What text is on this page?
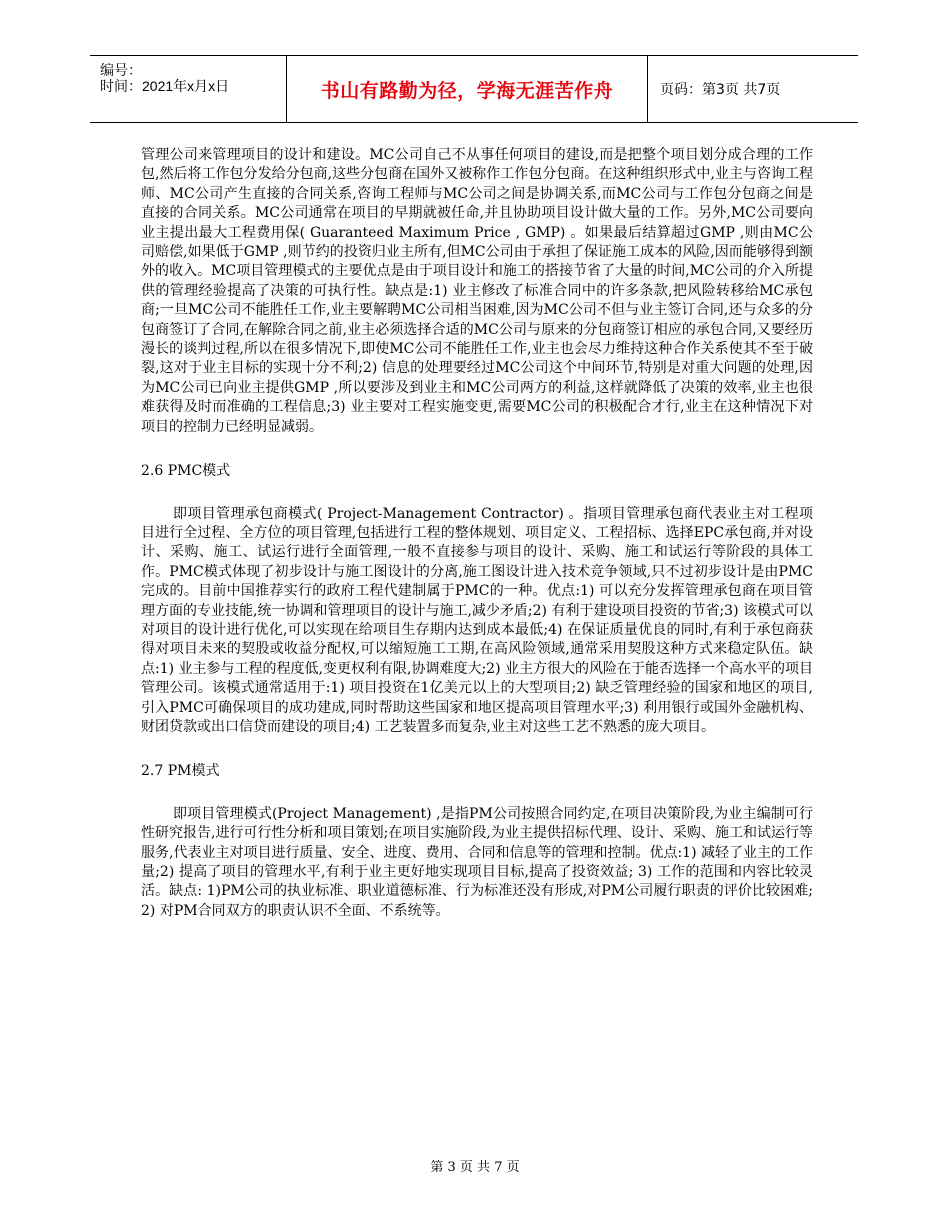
编号：
时间：2021年x月x日	书山有路勤为径，学海无涯苦作舟	页码：第3页 共7页

管理公司来管理项目的设计和建设。MC公司自己不从事任何项目的建设,而是把整个项目划分成合理的工作包,然后将工作包分发给分包商,这些分包商在国外又被称作工作包分包商。在这种组织形式中,业主与咨询工程师、MC公司产生直接的合同关系,咨询工程师与MC公司之间是协调关系,而MC公司与工作包分包商之间是直接的合同关系。MC公司通常在项目的早期就被任命,并且协助项目设计做大量的工作。另外,MC公司要向业主提出最大工程费用保( Guaranteed Maximum Price , GMP) 。如果最后结算超过GMP ,则由MC公司赔偿,如果低于GMP ,则节约的投资归业主所有,但MC公司由于承担了保证施工成本的风险,因而能够得到额外的收入。MC项目管理模式的主要优点是由于项目设计和施工的搭接节省了大量的时间,MC公司的介入所提供的管理经验提高了决策的可执行性。缺点是:1) 业主修改了标准合同中的许多条款,把风险转移给MC承包商;一旦MC公司不能胜任工作,业主要解聘MC公司相当困难,因为MC公司不但与业主签订合同,还与众多的分包商签订了合同,在解除合同之前,业主必须选择合适的MC公司与原来的分包商签订相应的承包合同,又要经历漫长的谈判过程,所以在很多情况下,即使MC公司不能胜任工作,业主也会尽力维持这种合作关系使其不至于破裂,这对于业主目标的实现十分不利;2) 信息的处理要经过MC公司这个中间环节,特别是对重大问题的处理,因为MC公司已向业主提供GMP ,所以要涉及到业主和MC公司两方的利益,这样就降低了决策的效率,业主也很难获得及时而准确的工程信息;3) 业主要对工程实施变更,需要MC公司的积极配合才行,业主在这种情况下对项目的控制力已经明显减弱。

2.6 PMC模式

即项目管理承包商模式( Project-Management Contractor) 。指项目管理承包商代表业主对工程项目进行全过程、全方位的项目管理,包括进行工程的整体规划、项目定义、工程招标、选择EPC承包商,并对设计、采购、施工、试运行进行全面管理,一般不直接参与项目的设计、采购、施工和试运行等阶段的具体工作。PMC模式体现了初步设计与施工图设计的分离,施工图设计进入技术竞争领域,只不过初步设计是由PMC完成的。目前中国推荐实行的政府工程代建制属于PMC的一种。优点:1) 可以充分发挥管理承包商在项目管理方面的专业技能,统一协调和管理项目的设计与施工,减少矛盾;2) 有利于建设项目投资的节省;3) 该模式可以对项目的设计进行优化,可以实现在给项目生存期内达到成本最低;4) 在保证质量优良的同时,有利于承包商获得对项目未来的契股或收益分配权,可以缩短施工工期,在高风险领域,通常采用契股这种方式来稳定队伍。缺点:1) 业主参与工程的程度低,变更权利有限,协调难度大;2) 业主方很大的风险在于能否选择一个高水平的项目管理公司。该模式通常适用于:1) 项目投资在1亿美元以上的大型项目;2) 缺乏管理经验的国家和地区的项目,引入PMC可确保项目的成功建成,同时帮助这些国家和地区提高项目管理水平;3) 利用银行或国外金融机构、财团贷款或出口信贷而建设的项目;4) 工艺装置多而复杂,业主对这些工艺不熟悉的庞大项目。

2.7 PM模式

即项目管理模式(Project Management) ,是指PM公司按照合同约定,在项目决策阶段,为业主编制可行性研究报告,进行可行性分析和项目策划;在项目实施阶段,为业主提供招标代理、设计、采购、施工和试运行等服务,代表业主对项目进行质量、安全、进度、费用、合同和信息等的管理和控制。优点:1) 减轻了业主的工作量;2) 提高了项目的管理水平,有利于业主更好地实现项目目标,提高了投资效益; 3) 工作的范围和内容比较灵活。缺点: 1)PM公司的执业标准、职业道德标准、行为标准还没有形成,对PM公司履行职责的评价比较困难;2) 对PM合同双方的职责认识不全面、不系统等。

第 3 页 共 7 页
